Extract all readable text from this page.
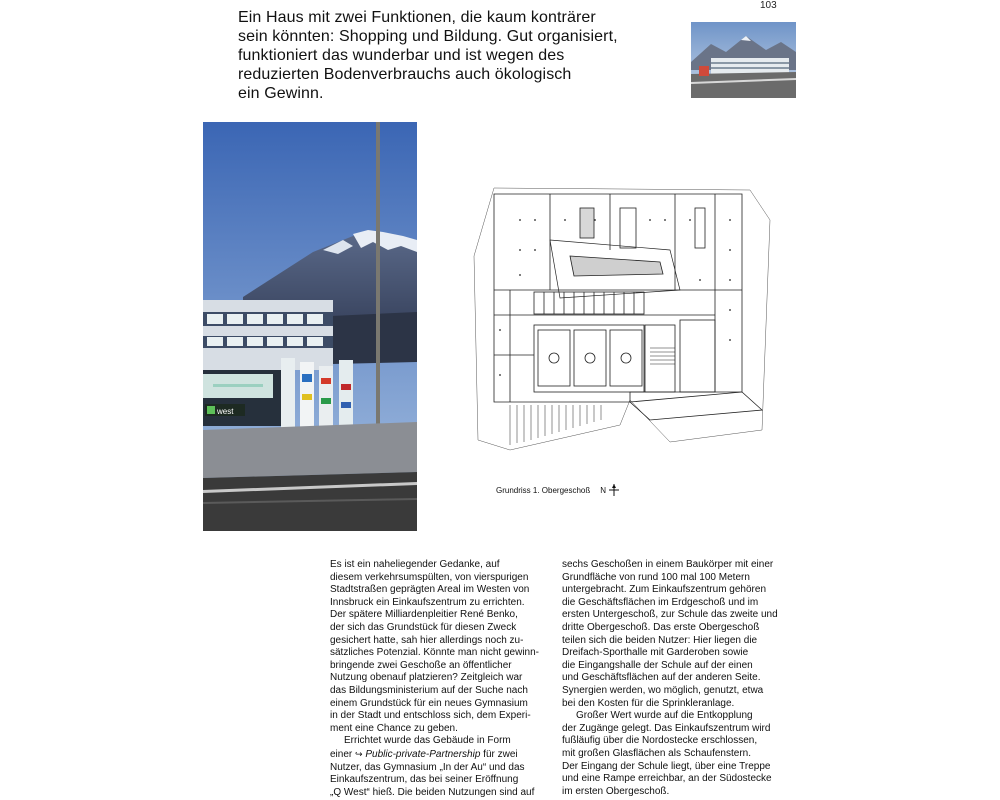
103

Ein Haus mit zwei Funktionen, die kaum konträrer

sein könnten: Shopping und Bildung. Gut organisiert,

funktioniert das wunderbar und ist wegen des

reduzierten Bodenverbrauchs auch ökologisch

ein Gewinn.

west
Grundriss 1. Obergeschoß N

Es ist ein naheliegender Gedanke, auf

diesem verkehrsumspülten, von vierspurigen

Stadtstraßen geprägten Areal im Westen von

Innsbruck ein Einkaufszentrum zu errichten.

Der spätere Milliardenpleitier René Benko,

der sich das Grundstück für diesen Zweck

gesichert hatte, sah hier allerdings noch zu-

sätzliches Potenzial. Könnte man nicht gewinn-

bringende zwei Geschoße an öffentlicher

Nutzung obenauf platzieren? Zeitgleich war

das Bildungsministerium auf der Suche nach

einem Grundstück für ein neues Gymnasium

in der Stadt und entschloss sich, dem Experi-

ment eine Chance zu geben.

Errichtet wurde das Gebäude in Form

einer ↪ Public-private-Partnership für zwei

Nutzer, das Gymnasium „In der Au“ und das

Einkaufszentrum, das bei seiner Eröffnung

„Q West“ hieß. Die beiden Nutzungen sind auf

sechs Geschoßen in einem Baukörper mit einer

Grundfläche von rund 100 mal 100 Metern

untergebracht. Zum Einkaufszentrum gehören

die Geschäftsflächen im Erdgeschoß und im

ersten Untergeschoß, zur Schule das zweite und

dritte Obergeschoß. Das erste Obergeschoß

teilen sich die beiden Nutzer: Hier liegen die

Dreifach-Sporthalle mit Garderoben sowie

die Eingangshalle der Schule auf der einen

und Geschäftsflächen auf der anderen Seite.

Synergien werden, wo möglich, genutzt, etwa

bei den Kosten für die Sprinkleranlage.

Großer Wert wurde auf die Entkopplung

der Zugänge gelegt. Das Einkaufszentrum wird

fußläufig über die Nordostecke erschlossen,

mit großen Glasflächen als Schaufenstern.

Der Eingang der Schule liegt, über eine Treppe

und eine Rampe erreichbar, an der Südostecke

im ersten Obergeschoß.
